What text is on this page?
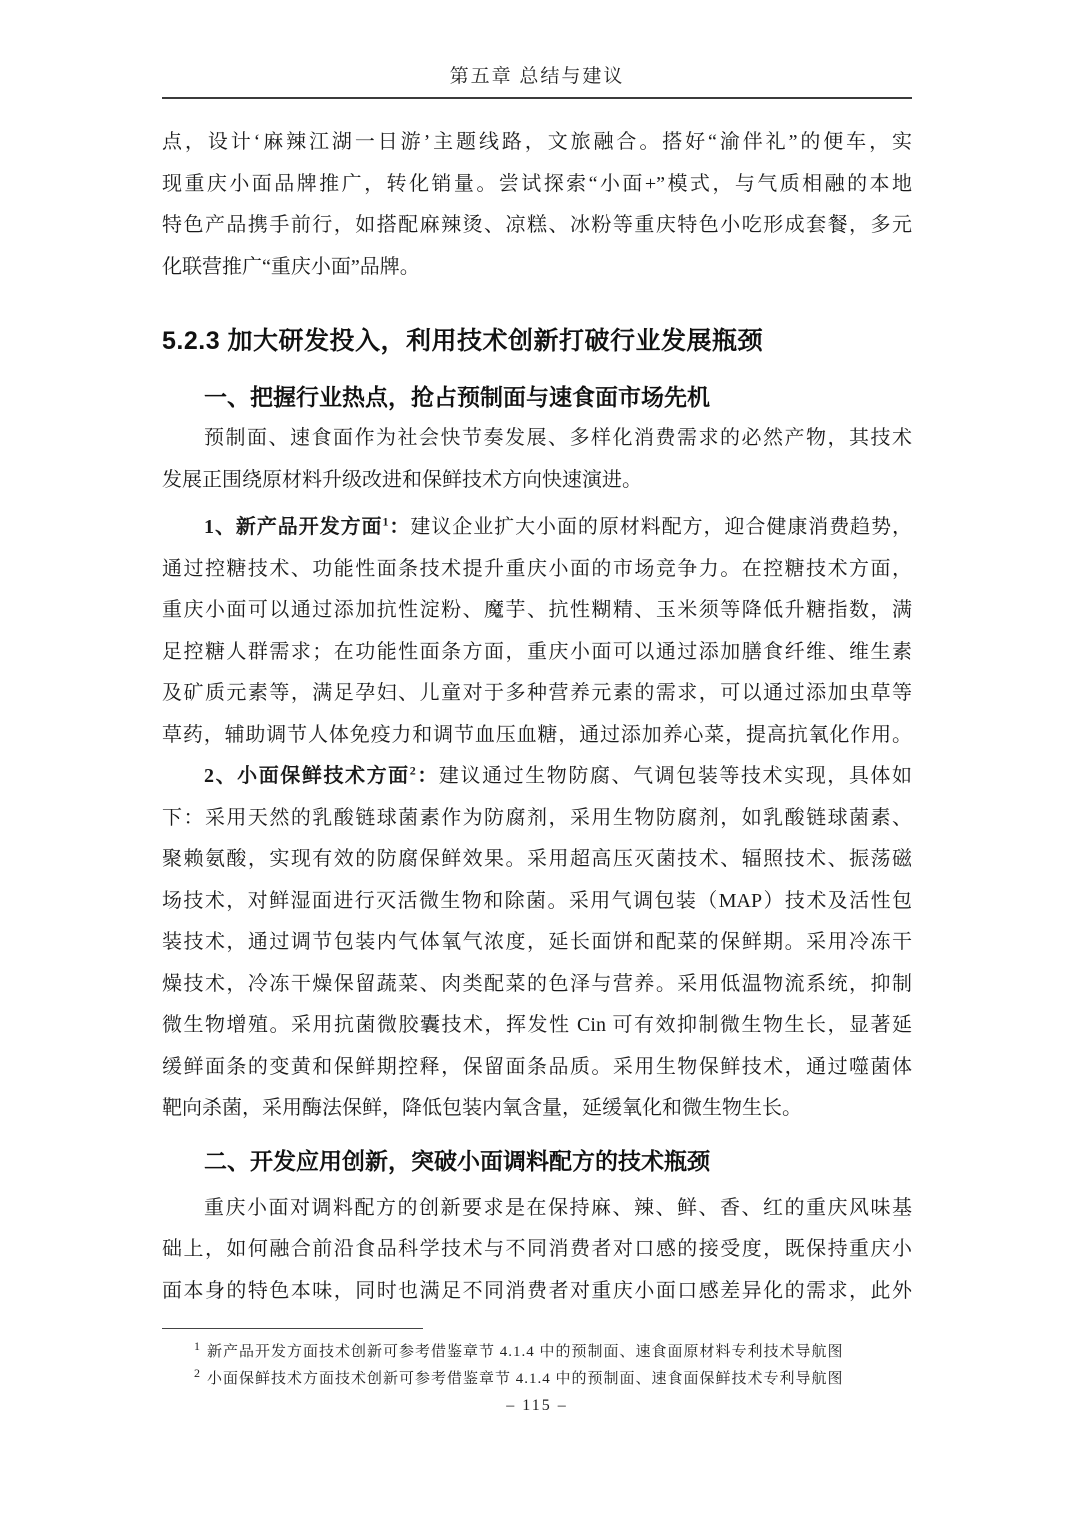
第五章 总结与建议
点，设计‘麻辣江湖一日游’主题线路，文旅融合。搭好“渝伴礼”的便车，实
现重庆小面品牌推广，转化销量。尝试探索“小面+”模式，与气质相融的本地
特色产品携手前行，如搭配麻辣烫、凉糕、冰粉等重庆特色小吃形成套餐，多元
化联营推广“重庆小面”品牌。
5.2.3 加大研发投入，利用技术创新打破行业发展瓶颈
一、把握行业热点，抢占预制面与速食面市场先机
预制面、速食面作为社会快节奏发展、多样化消费需求的必然产物，其技术
发展正围绕原材料升级改进和保鲜技术方向快速演进。
1、新产品开发方面$^1$：建议企业扩大小面的原材料配方，迎合健康消费趋势，
通过控糖技术、功能性面条技术提升重庆小面的市场竞争力。在控糖技术方面，
重庆小面可以通过添加抗性淀粉、魔芋、抗性糊精、玉米须等降低升糖指数，满
足控糖人群需求；在功能性面条方面，重庆小面可以通过添加膳食纤维、维生素
及矿质元素等，满足孕妇、儿童对于多种营养元素的需求，可以通过添加虫草等
草药，辅助调节人体免疫力和调节血压血糖，通过添加养心菜，提高抗氧化作用。
2、小面保鲜技术方面$^2$：建议通过生物防腐、气调包装等技术实现，具体如
下：采用天然的乳酸链球菌素作为防腐剂，采用生物防腐剂，如乳酸链球菌素、
聚赖氨酸，实现有效的防腐保鲜效果。采用超高压灭菌技术、辐照技术、振荡磁
场技术，对鲜湿面进行灭活微生物和除菌。采用气调包装（MAP）技术及活性包
装技术，通过调节包装内气体氧气浓度，延长面饼和配菜的保鲜期。采用冷冻干
燥技术，冷冻干燥保留蔬菜、肉类配菜的色泽与营养。采用低温物流系统，抑制
微生物增殖。采用抗菌微胶囊技术，挥发性 Cin 可有效抑制微生物生长，显著延
缓鲜面条的变黄和保鲜期控释，保留面条品质。采用生物保鲜技术，通过噬菌体
靶向杀菌，采用酶法保鲜，降低包装内氧含量，延缓氧化和微生物生长。
二、开发应用创新，突破小面调料配方的技术瓶颈
重庆小面对调料配方的创新要求是在保持麻、辣、鲜、香、红的重庆风味基
础上，如何融合前沿食品科学技术与不同消费者对口感的接受度，既保持重庆小
面本身的特色本味，同时也满足不同消费者对重庆小面口感差异化的需求，此外
$^1$ 新产品开发方面技术创新可参考借鉴章节 4.1.4 中的预制面、速食面原材料专利技术导航图
$^2$ 小面保鲜技术方面技术创新可参考借鉴章节 4.1.4 中的预制面、速食面保鲜技术专利导航图
– 115 –
